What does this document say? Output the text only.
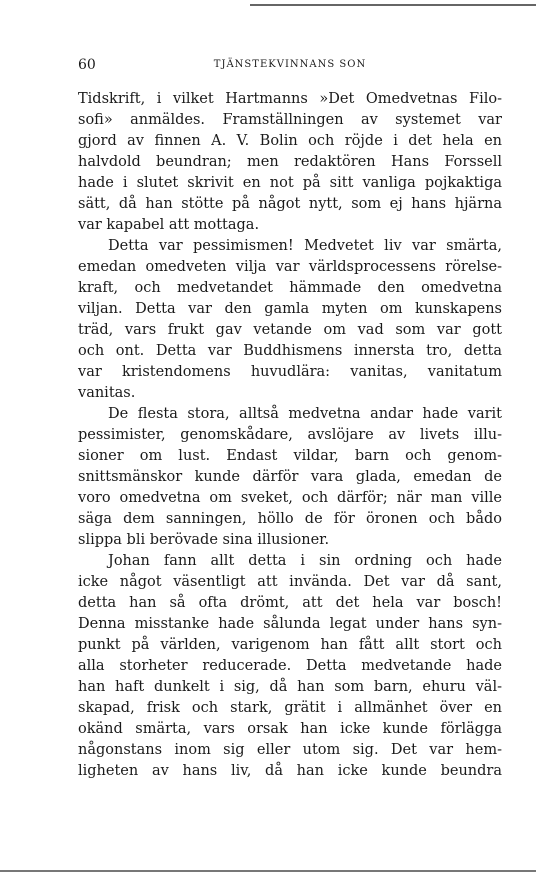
60	TJÄNSTEKVINNANS SON
Tidskrift, i vilket Hartmanns »Det Omedvetnas Filo-
sofi» anmäldes. Framställningen av systemet var
gjord av finnen A. V. Bolin och röjde i det hela en
halvdold beundran; men redaktören Hans Forssell
hade i slutet skrivit en not på sitt vanliga pojkaktiga
sätt, då han stötte på något nytt, som ej hans hjärna
var kapabel att mottaga.
Detta var pessimismen! Medvetet liv var smärta,
emedan omedveten vilja var världsprocessens rörelse-
kraft, och medvetandet hämmade den omedvetna
viljan. Detta var den gamla myten om kunskapens
träd, vars frukt gav vetande om vad som var gott
och ont. Detta var Buddhismens innersta tro, detta
var kristendomens huvudlära: vanitas, vanitatum
vanitas.
De flesta stora, alltså medvetna andar hade varit
pessimister, genomskådare, avslöjare av livets illu-
sioner om lust. Endast vildar, barn och genom-
snittsmänskor kunde därför vara glada, emedan de
voro omedvetna om sveket, och därför; när man ville
säga dem sanningen, höllo de för öronen och bådo
slippa bli berövade sina illusioner.
Johan fann allt detta i sin ordning och hade
icke något väsentligt att invända. Det var då sant,
detta han så ofta drömt, att det hela var bosch!
Denna misstanke hade sålunda legat under hans syn-
punkt på världen, varigenom han fått allt stort och
alla storheter reducerade. Detta medvetande hade
han haft dunkelt i sig, då han som barn, ehuru väl-
skapad, frisk och stark, grätit i allmänhet över en
okänd smärta, vars orsak han icke kunde förlägga
någonstans inom sig eller utom sig. Det var hem-
ligheten av hans liv, då han icke kunde beundra
